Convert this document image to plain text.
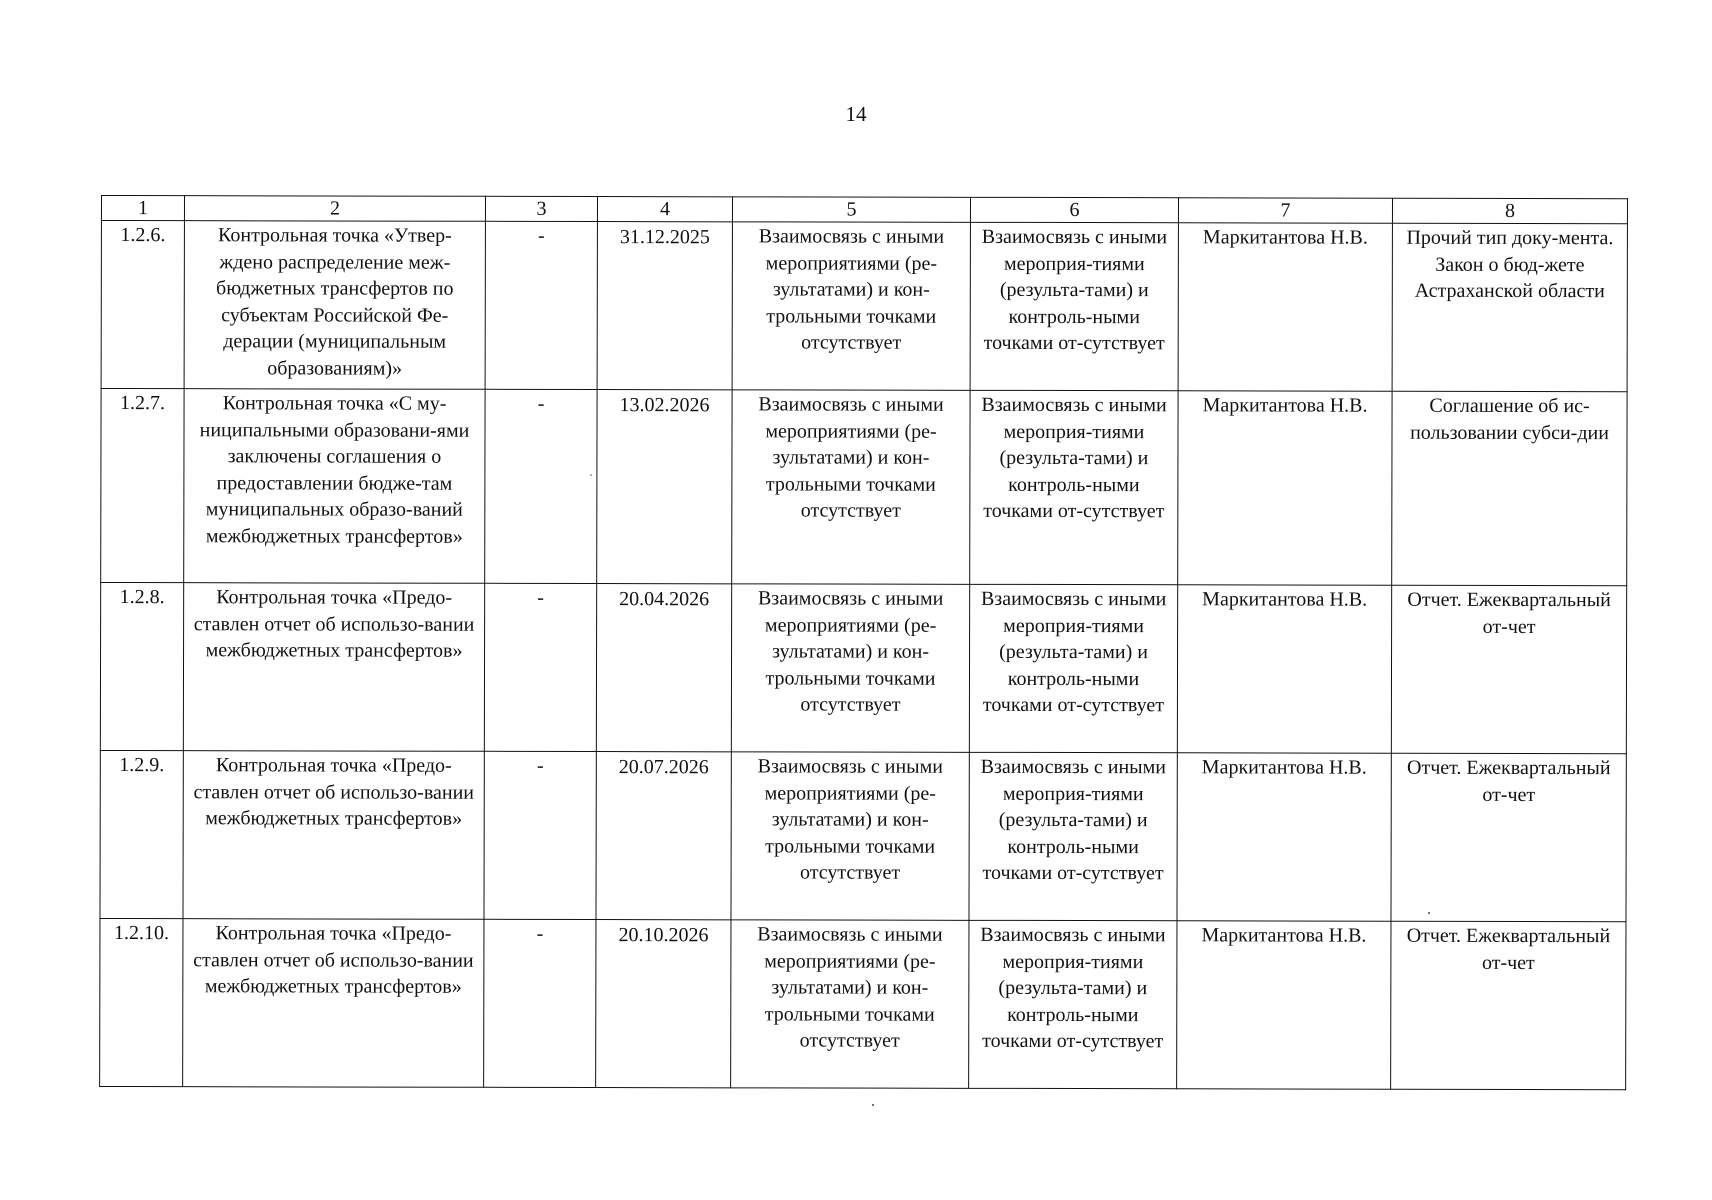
14
1	2	3	4	5	6	7	8
1.2.6.	Контрольная точка «Утвер-ждено распределение меж-бюджетных трансфертов по субъектам Российской Фе-дерации (муниципальным образованиям)»	-	31.12.2025	Взаимосвязь с иными мероприятиями (ре-зультатами) и кон-трольными точками отсутствует	Взаимосвязь с иными мероприя-тиями (результа-тами) и контроль-ными точками от-сутствует	Маркитантова Н.В.	Прочий тип доку-мента. Закон о бюд-жете Астраханской области
1.2.7.	Контрольная точка «С му-ниципальными образовани-ями заключены соглашения о предоставлении бюдже-там муниципальных образо-ваний межбюджетных трансфертов»	-	13.02.2026	Взаимосвязь с иными мероприятиями (ре-зультатами) и кон-трольными точками отсутствует	Взаимосвязь с иными мероприя-тиями (результа-тами) и контроль-ными точками от-сутствует	Маркитантова Н.В.	Соглашение об ис-пользовании субси-дии
1.2.8.	Контрольная точка «Предо-ставлен отчет об использо-вании межбюджетных трансфертов»	-	20.04.2026	Взаимосвязь с иными мероприятиями (ре-зультатами) и кон-трольными точками отсутствует	Взаимосвязь с иными мероприя-тиями (результа-тами) и контроль-ными точками от-сутствует	Маркитантова Н.В.	Отчет. Ежеквартальный от-чет
1.2.9.	Контрольная точка «Предо-ставлен отчет об использо-вании межбюджетных трансфертов»	-	20.07.2026	Взаимосвязь с иными мероприятиями (ре-зультатами) и кон-трольными точками отсутствует	Взаимосвязь с иными мероприя-тиями (результа-тами) и контроль-ными точками от-сутствует	Маркитантова Н.В.	Отчет. Ежеквартальный от-чет
1.2.10.	Контрольная точка «Предо-ставлен отчет об использо-вании межбюджетных трансфертов»	-	20.10.2026	Взаимосвязь с иными мероприятиями (ре-зультатами) и кон-трольными точками отсутствует	Взаимосвязь с иными мероприя-тиями (результа-тами) и контроль-ными точками от-сутствует	Маркитантова Н.В.	Отчет. Ежеквартальный от-чет
